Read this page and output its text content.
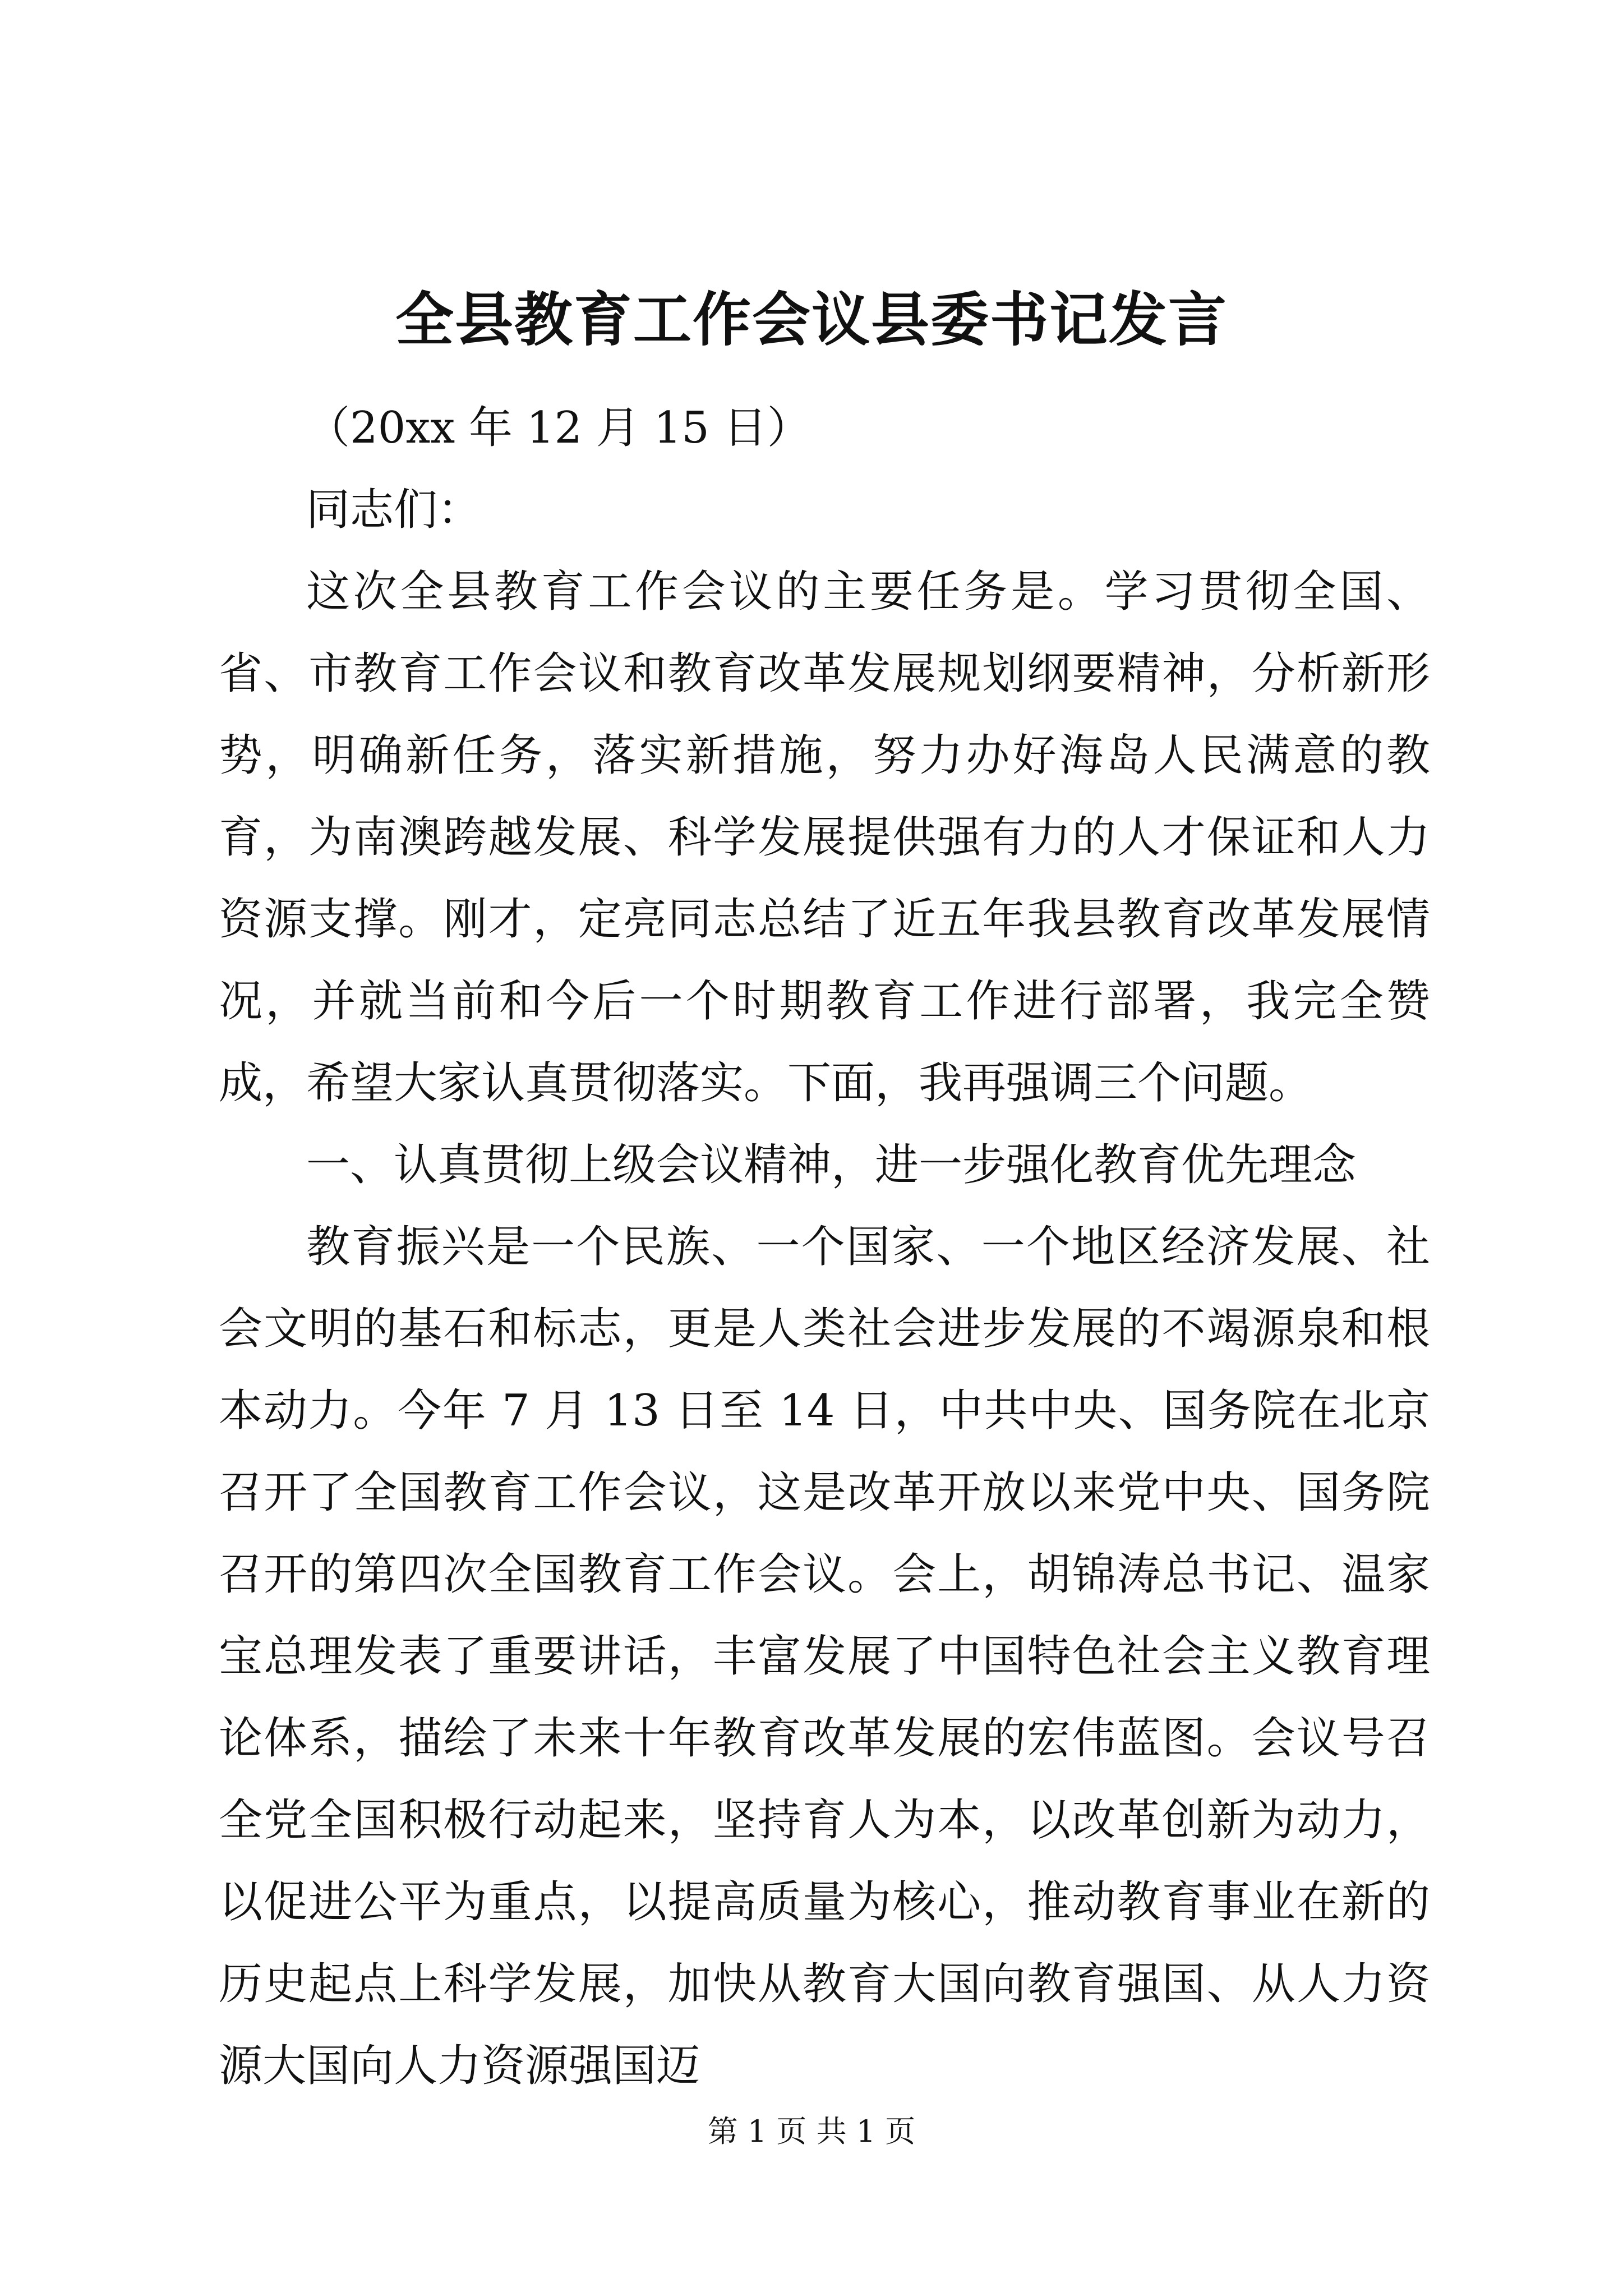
全县教育工作会议县委书记发言

（20xx 年 12 月 15 日）

同志们：

这次全县教育工作会议的主要任务是。学习贯彻全国、省、市教育工作会议和教育改革发展规划纲要精神，分析新形势，明确新任务，落实新措施，努力办好海岛人民满意的教育，为南澳跨越发展、科学发展提供强有力的人才保证和人力资源支撑。刚才，定亮同志总结了近五年我县教育改革发展情况，并就当前和今后一个时期教育工作进行部署，我完全赞成，希望大家认真贯彻落实。下面，我再强调三个问题。

一、认真贯彻上级会议精神，进一步强化教育优先理念

教育振兴是一个民族、一个国家、一个地区经济发展、社会文明的基石和标志，更是人类社会进步发展的不竭源泉和根本动力。今年 7 月 13 日至 14 日，中共中央、国务院在北京召开了全国教育工作会议，这是改革开放以来党中央、国务院召开的第四次全国教育工作会议。会上，胡锦涛总书记、温家宝总理发表了重要讲话，丰富发展了中国特色社会主义教育理论体系，描绘了未来十年教育改革发展的宏伟蓝图。会议号召全党全国积极行动起来，坚持育人为本，以改革创新为动力，以促进公平为重点，以提高质量为核心，推动教育事业在新的历史起点上科学发展，加快从教育大国向教育强国、从人力资源大国向人力资源强国迈

第 1 页 共 1 页
